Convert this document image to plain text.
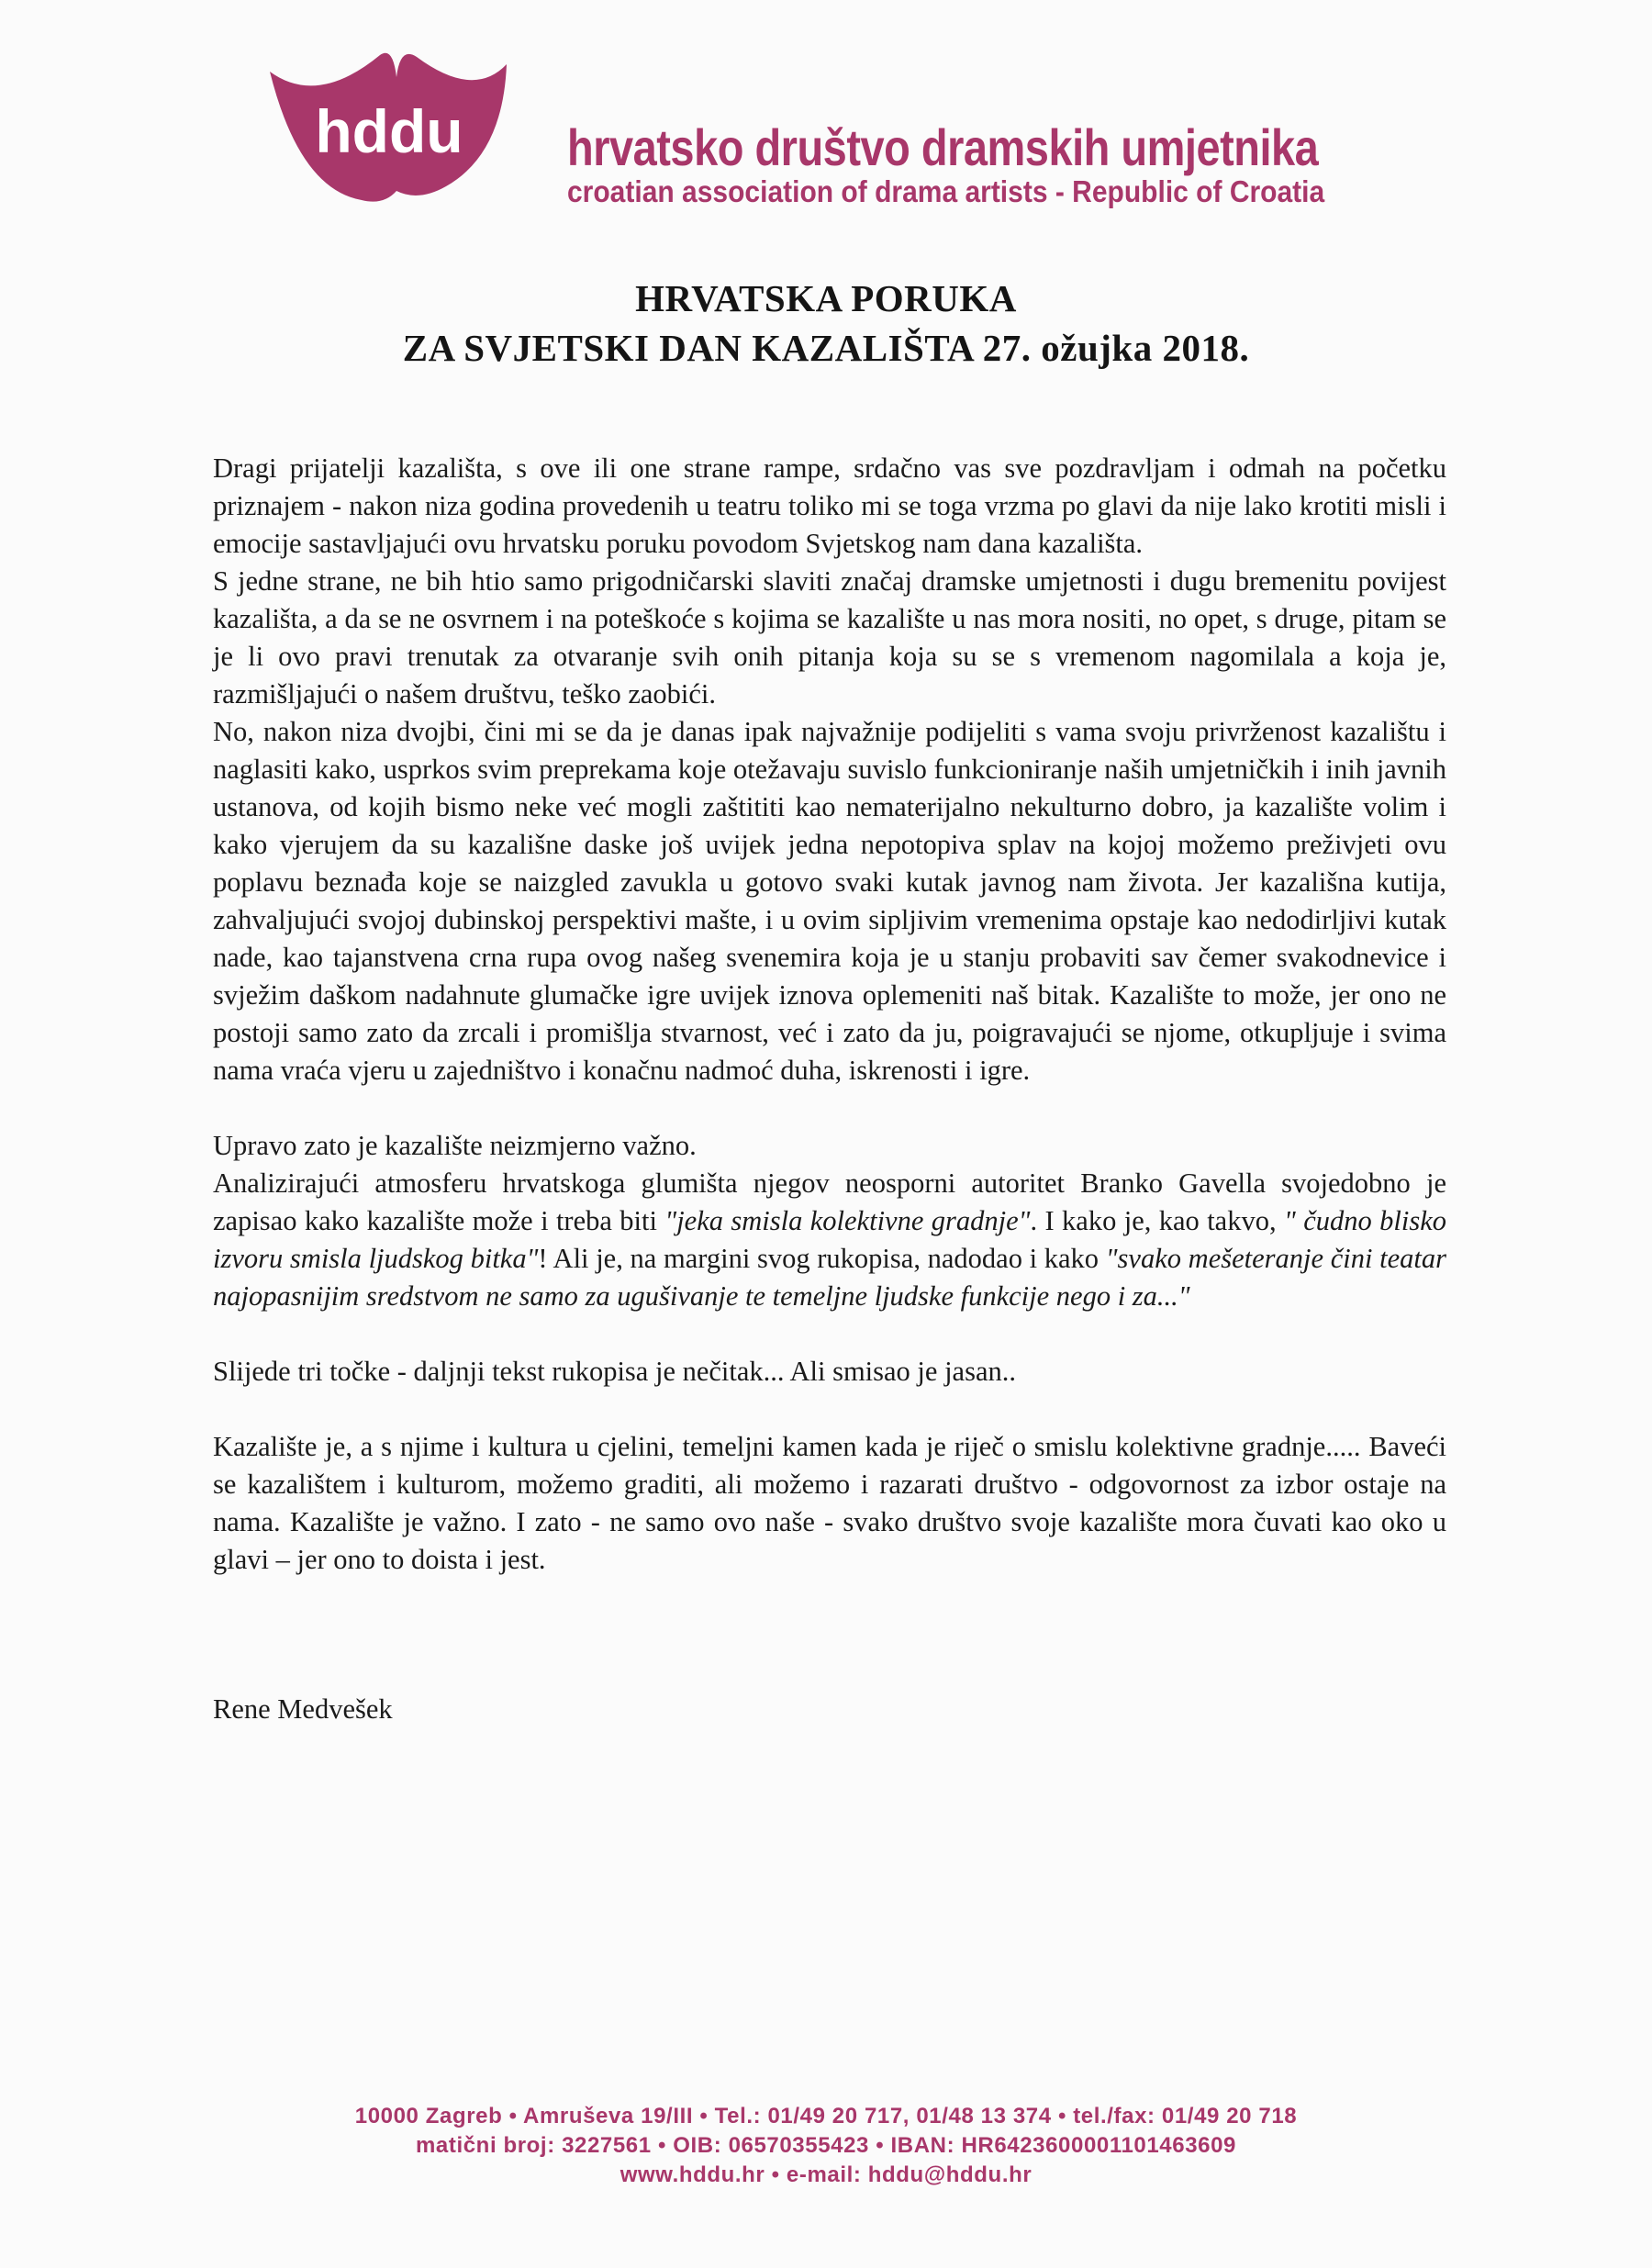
hddu hrvatsko društvo dramskih umjetnika
croatian association of drama artists - Republic of Croatia
HRVATSKA PORUKA
ZA SVJETSKI DAN KAZALIŠTA 27. ožujka 2018.

Dragi prijatelji kazališta, s ove ili one strane rampe, srdačno vas sve pozdravljam i odmah na početku priznajem - nakon niza godina provedenih u teatru toliko mi se toga vrzma po glavi da nije lako krotiti misli i emocije sastavljajući ovu hrvatsku poruku povodom Svjetskog nam dana kazališta.

S jedne strane, ne bih htio samo prigodničarski slaviti značaj dramske umjetnosti i dugu bremenitu povijest kazališta, a da se ne osvrnem i na poteškoće s kojima se kazalište u nas mora nositi, no opet, s druge, pitam se je li ovo pravi trenutak za otvaranje svih onih pitanja koja su se s vremenom nagomilala a koja je, razmišljajući o našem društvu, teško zaobići.

No, nakon niza dvojbi, čini mi se da je danas ipak najvažnije podijeliti s vama svoju privrženost kazalištu i naglasiti kako, usprkos svim preprekama koje otežavaju suvislo funkcioniranje naših umjetničkih i inih javnih ustanova, od kojih bismo neke već mogli zaštititi kao nematerijalno nekulturno dobro, ja kazalište volim i kako vjerujem da su kazališne daske još uvijek jedna nepotopiva splav na kojoj možemo preživjeti ovu poplavu beznađa koje se naizgled zavukla u gotovo svaki kutak javnog nam života. Jer kazališna kutija, zahvaljujući svojoj dubinskoj perspektivi mašte, i u ovim sipljivim vremenima opstaje kao nedodirljivi kutak nade, kao tajanstvena crna rupa ovog našeg svenemira koja je u stanju probaviti sav čemer svakodnevice i svježim daškom nadahnute glumačke igre uvijek iznova oplemeniti naš bitak. Kazalište to može, jer ono ne postoji samo zato da zrcali i promišlja stvarnost, već i zato da ju, poigravajući se njome, otkupljuje i svima nama vraća vjeru u zajedništvo i konačnu nadmoć duha, iskrenosti i igre.

Upravo zato je kazalište neizmjerno važno.

Analizirajući atmosferu hrvatskoga glumišta njegov neosporni autoritet Branko Gavella svojedobno je zapisao kako kazalište može i treba biti "jeka smisla kolektivne gradnje". I kako je, kao takvo, " čudno blisko izvoru smisla ljudskog bitka"! Ali je, na margini svog rukopisa, nadodao i kako "svako mešeteranje čini teatar najopasnijim sredstvom ne samo za ugušivanje te temeljne ljudske funkcije nego i za..."

Slijede tri točke - daljnji tekst rukopisa je nečitak... Ali smisao je jasan..

Kazalište je, a s njime i kultura u cjelini, temeljni kamen kada je riječ o smislu kolektivne gradnje..... Baveći se kazalištem i kulturom, možemo graditi, ali možemo i razarati društvo - odgovornost za izbor ostaje na nama. Kazalište je važno. I zato - ne samo ovo naše - svako društvo svoje kazalište mora čuvati kao oko u glavi – jer ono to doista i jest.

Rene Medvešek

10000 Zagreb • Amruševa 19/III • Tel.: 01/49 20 717, 01/48 13 374 • tel./fax: 01/49 20 718
matični broj: 3227561 • OIB: 06570355423 • IBAN: HR6423600001101463609
www.hddu.hr • e-mail: hddu@hddu.hr
